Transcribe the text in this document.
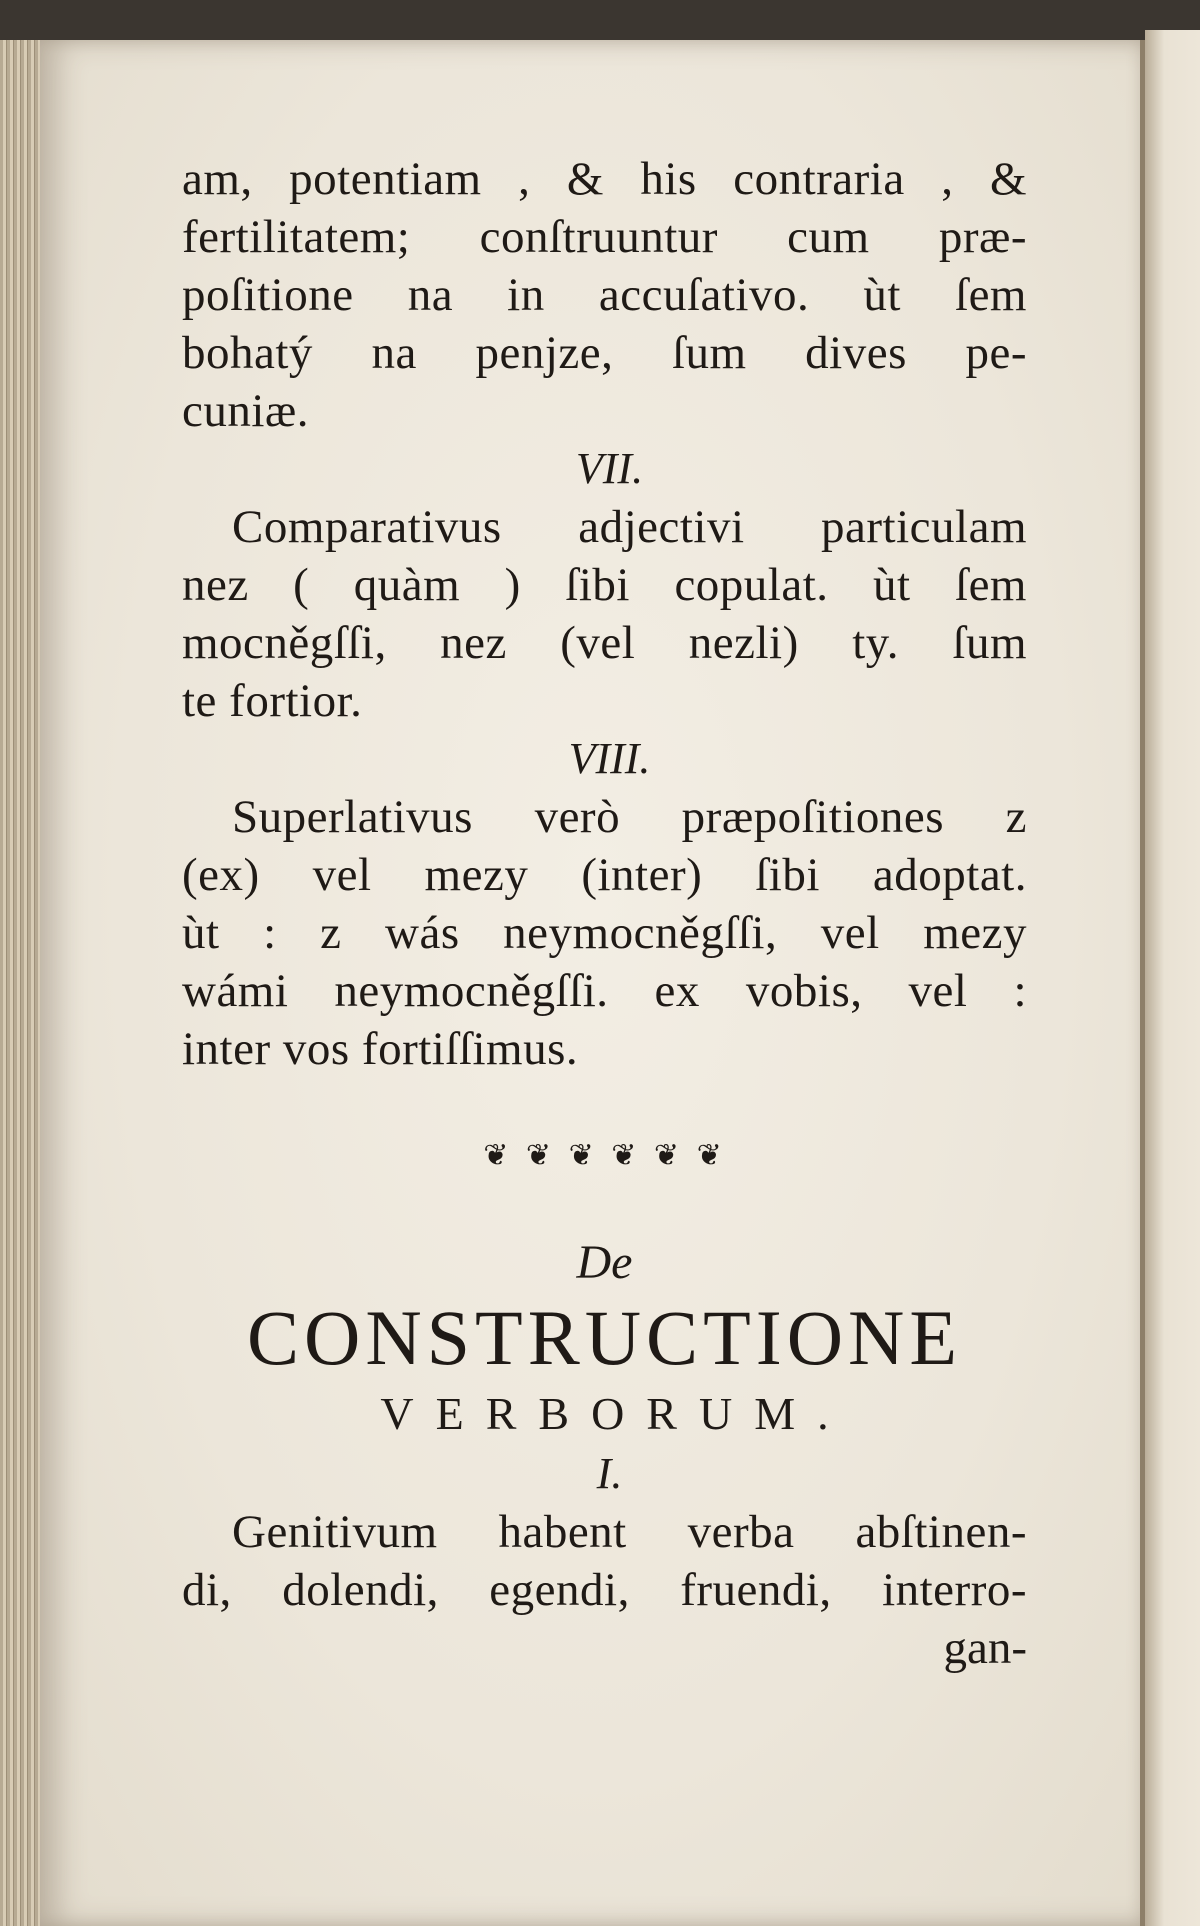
am, potentiam , & his contraria , &
fertilitatem; conſtruuntur cum præ-
poſitione na in accuſativo. ùt ſem
bohatý na penjze, ſum dives pe-
cuniæ.
VII.
Comparativus adjectivi particulam
nez ( quàm ) ſibi copulat. ùt ſem
mocněgſſi, nez (vel nezli) ty. ſum
te fortior.
VIII.
Superlativus verò præpoſitiones z
(ex) vel mezy (inter) ſibi adoptat.
ùt : z wás neymocněgſſi, vel mezy
wámi neymocněgſſi. ex vobis, vel :
inter vos fortiſſimus.
❦ ❦ ❦ ❦ ❦ ❦
De
CONSTRUCTIONE
VERBORUM.
I.
Genitivum habent verba abſtinen-
di, dolendi, egendi, fruendi, interro-
gan-
